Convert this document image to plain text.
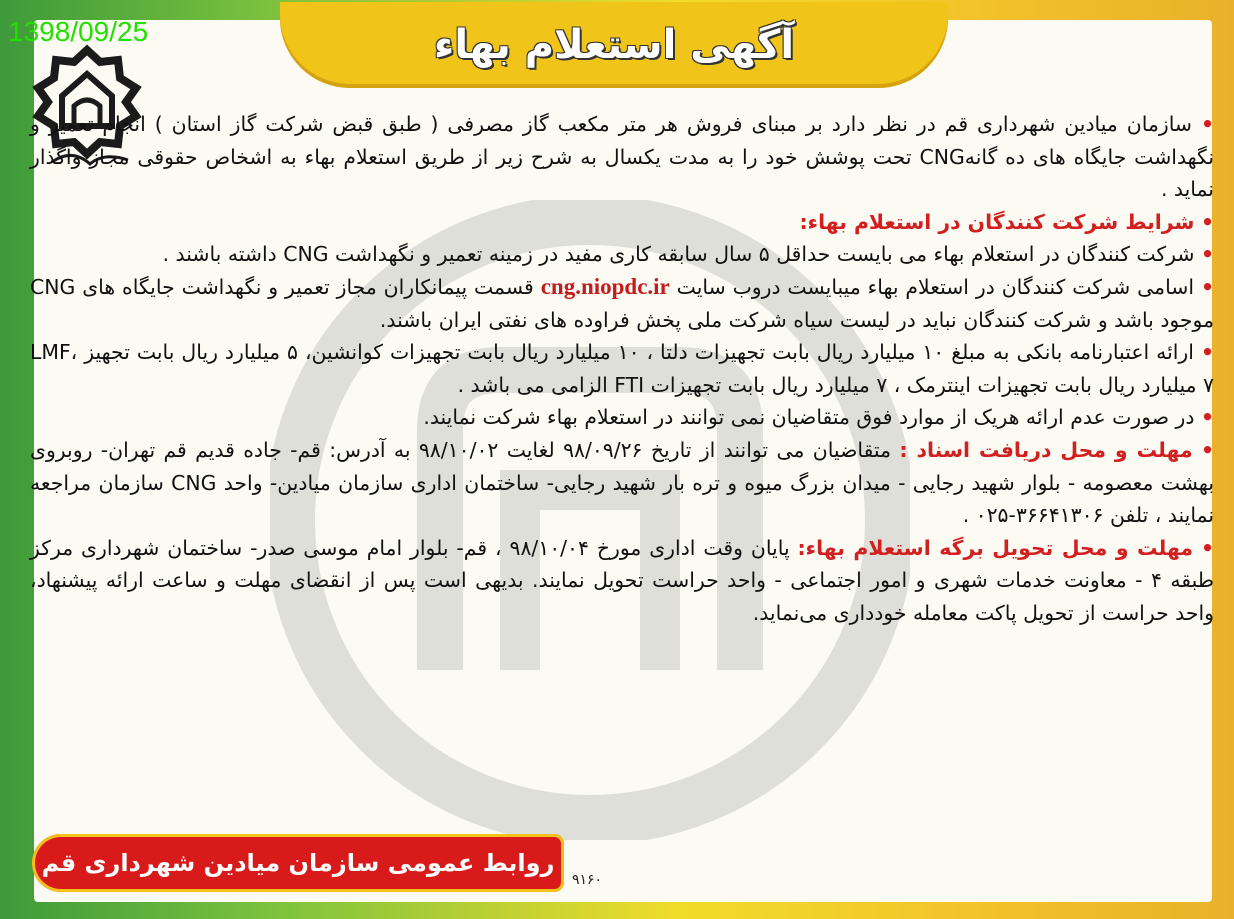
1398/09/25	آگهی استعلام بهاء

• سازمان میادین شهرداری قم در نظر دارد بر مبنای فروش هر متر مکعب گاز مصرفی ( طبق قبض شرکت گاز استان ) انجام تعمیر و نگهداشت جایگاه های ده گانهCNG تحت پوشش خود را به مدت یکسال به شرح زیر از طریق استعلام بهاء به اشخاص حقوقی مجاز واگذار نماید .

• شرایط شرکت کنندگان در استعلام بهاء:

• شرکت کنندگان در استعلام بهاء می بایست حداقل ۵ سال سابقه کاری مفید در زمینه تعمیر و نگهداشت CNG داشته باشند .

• اسامی شرکت کنندگان در استعلام بهاء میبایست دروب سایت cng.niopdc.ir قسمت پیمانکاران مجاز تعمیر و نگهداشت جایگاه های CNG موجود باشد و شرکت کنندگان نباید در لیست سیاه شرکت ملی پخش فراوده های نفتی ایران باشند.

• ارائه اعتبارنامه بانکی به مبلغ ۱۰ میلیارد ریال بابت تجهیزات دلتا ، ۱۰ میلیارد ریال بابت تجهیزات کوانشین، ۵ میلیارد ریال بابت تجهیز LMF، ۷ میلیارد ریال بابت تجهیزات اینترمک ، ۷ میلیارد ریال بابت تجهیزات FTI الزامی می باشد .

• در صورت عدم ارائه هریک از موارد فوق متقاضیان نمی توانند در استعلام بهاء شرکت نمایند.

• مهلت و محل دریافت اسناد : متقاضیان می توانند از تاریخ ۹۸/۰۹/۲۶ لغایت ۹۸/۱۰/۰۲ به آدرس: قم- جاده قدیم قم تهران- روبروی بهشت معصومه - بلوار شهید رجایی - میدان بزرگ میوه و تره بار شهید رجایی- ساختمان اداری سازمان میادین- واحد CNG سازمان مراجعه نمایند ، تلفن ۳۶۶۴۱۳۰۶-۰۲۵ .

• مهلت و محل تحویل برگه استعلام بهاء: پایان وقت اداری مورخ ۹۸/۱۰/۰۴ ، قم- بلوار امام موسی صدر- ساختمان شهرداری مرکز طبقه ۴ - معاونت خدمات شهری و امور اجتماعی - واحد حراست تحویل نمایند. بدیهی است پس از انقضای مهلت و ساعت ارائه پیشنهاد، واحد حراست از تحویل پاکت معامله خودداری می‌نماید.

روابط عمومی سازمان میادین شهرداری قم
۹۱۶۰
